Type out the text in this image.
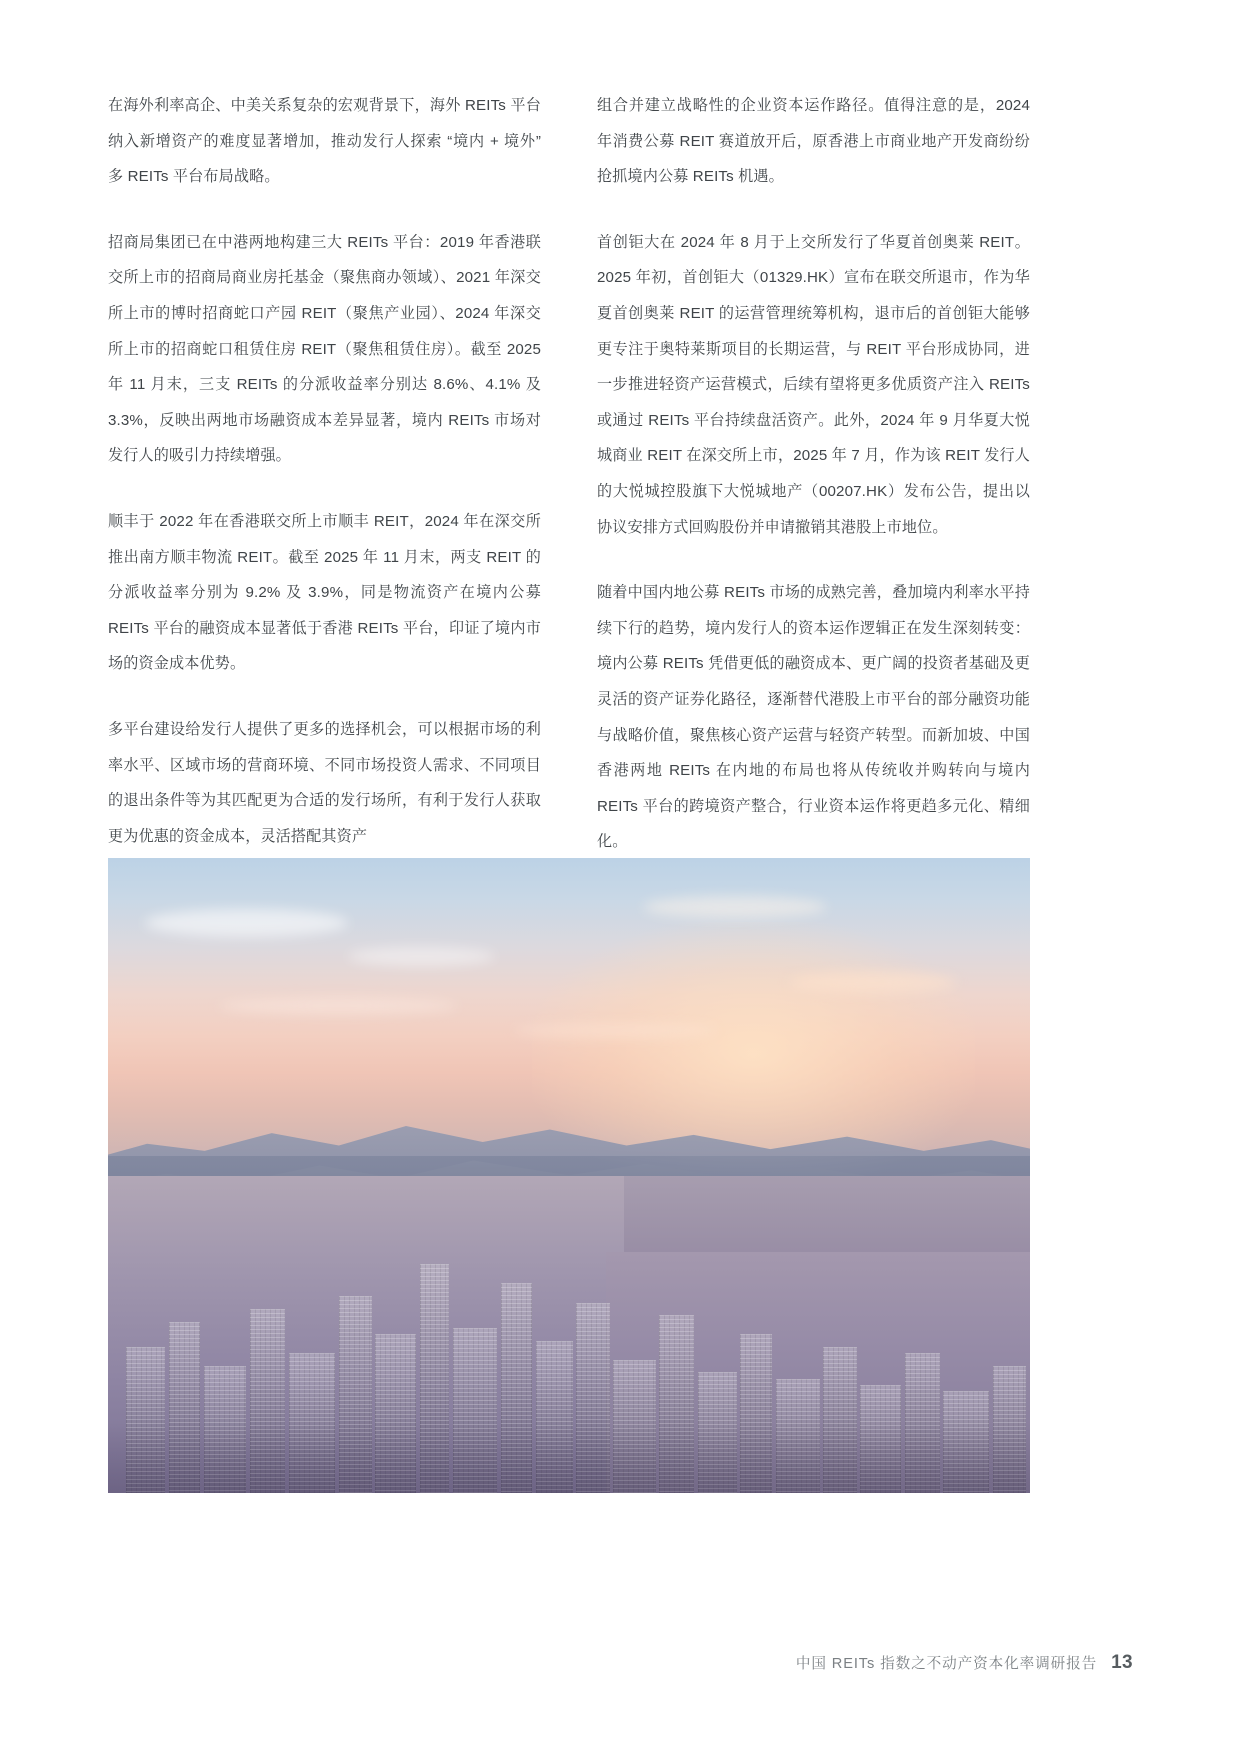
在海外利率高企、中美关系复杂的宏观背景下，海外 REITs 平台纳入新增资产的难度显著增加，推动发行人探索 “境内 + 境外” 多 REITs 平台布局战略。

招商局集团已在中港两地构建三大 REITs 平台：2019 年香港联交所上市的招商局商业房托基金（聚焦商办领域）、2021 年深交所上市的博时招商蛇口产园 REIT（聚焦产业园）、2024 年深交所上市的招商蛇口租赁住房 REIT（聚焦租赁住房）。截至 2025 年 11 月末，三支 REITs 的分派收益率分别达 8.6%、4.1% 及 3.3%，反映出两地市场融资成本差异显著，境内 REITs 市场对发行人的吸引力持续增强。

顺丰于 2022 年在香港联交所上市顺丰 REIT，2024 年在深交所推出南方顺丰物流 REIT。截至 2025 年 11 月末，两支 REIT 的分派收益率分别为 9.2% 及 3.9%，同是物流资产在境内公募 REITs 平台的融资成本显著低于香港 REITs 平台，印证了境内市场的资金成本优势。

多平台建设给发行人提供了更多的选择机会，可以根据市场的利率水平、区域市场的营商环境、不同市场投资人需求、不同项目的退出条件等为其匹配更为合适的发行场所，有利于发行人获取更为优惠的资金成本，灵活搭配其资产

组合并建立战略性的企业资本运作路径。值得注意的是，2024 年消费公募 REIT 赛道放开后，原香港上市商业地产开发商纷纷抢抓境内公募 REITs 机遇。

首创钜大在 2024 年 8 月于上交所发行了华夏首创奥莱 REIT。2025 年初，首创钜大（01329.HK）宣布在联交所退市，作为华夏首创奥莱 REIT 的运营管理统筹机构，退市后的首创钜大能够更专注于奥特莱斯项目的长期运营，与 REIT 平台形成协同，进一步推进轻资产运营模式，后续有望将更多优质资产注入 REITs 或通过 REITs 平台持续盘活资产。此外，2024 年 9 月华夏大悦城商业 REIT 在深交所上市，2025 年 7 月，作为该 REIT 发行人的大悦城控股旗下大悦城地产（00207.HK）发布公告，提出以协议安排方式回购股份并申请撤销其港股上市地位。

随着中国内地公募 REITs 市场的成熟完善，叠加境内利率水平持续下行的趋势，境内发行人的资本运作逻辑正在发生深刻转变：境内公募 REITs 凭借更低的融资成本、更广阔的投资者基础及更灵活的资产证券化路径，逐渐替代港股上市平台的部分融资功能与战略价值，聚焦核心资产运营与轻资产转型。而新加坡、中国香港两地 REITs 在内地的布局也将从传统收并购转向与境内 REITs 平台的跨境资产整合，行业资本运作将更趋多元化、精细化。

中国 REITs 指数之不动产资本化率调研报告 13
